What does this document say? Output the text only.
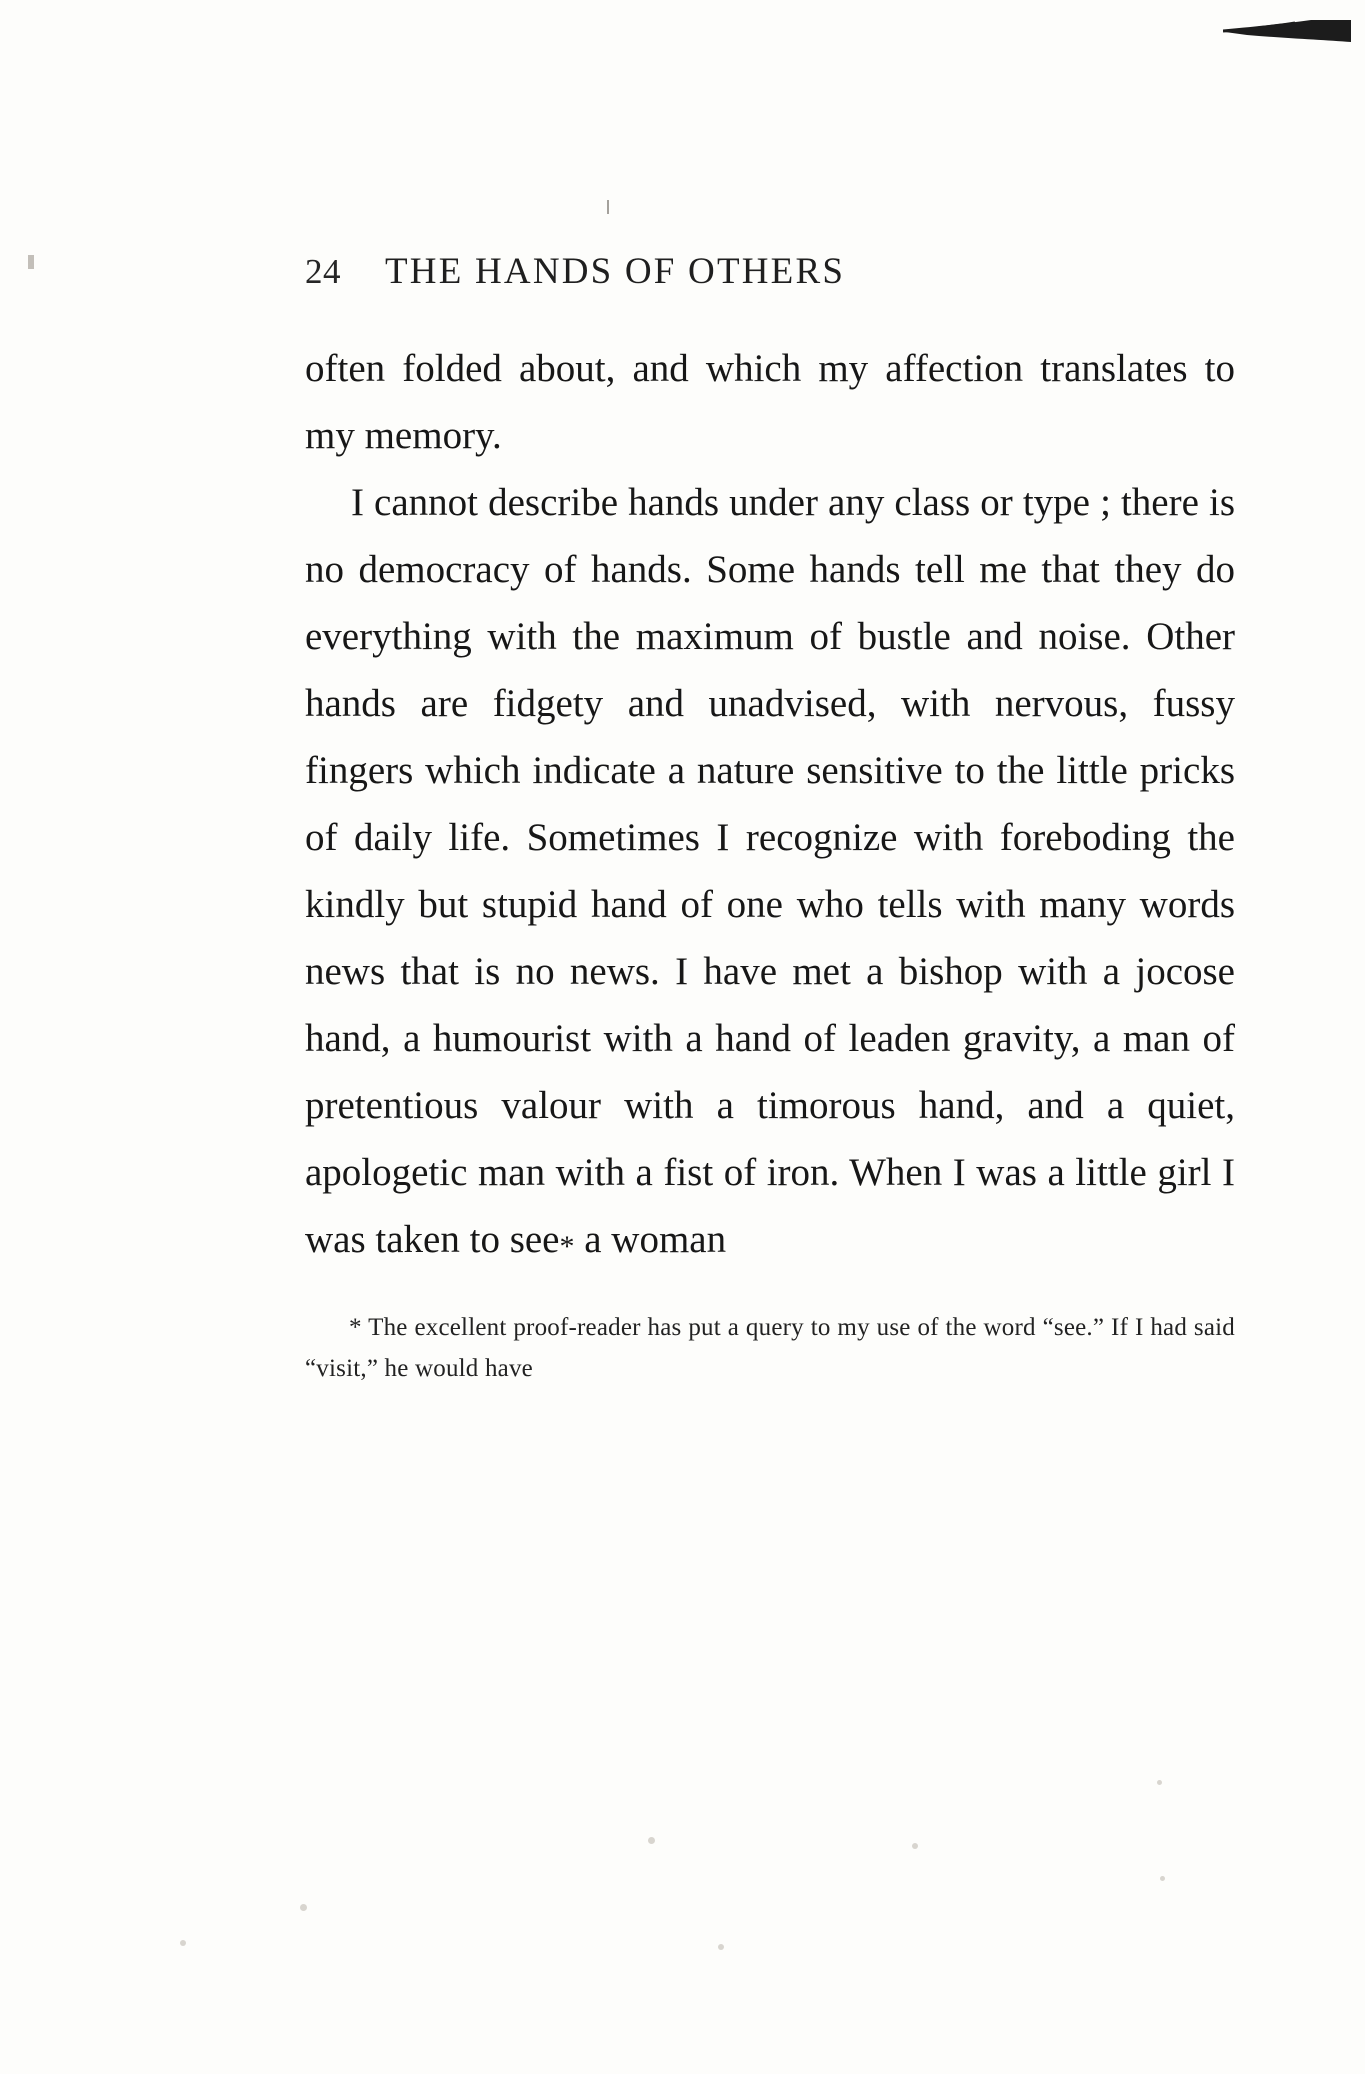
24 THE HANDS OF OTHERS

often folded about, and which my affection translates to my memory.

I cannot describe hands under any class or type ; there is no democracy of hands. Some hands tell me that they do everything with the maximum of bustle and noise. Other hands are fidgety and unadvised, with nervous, fussy fingers which indicate a nature sensitive to the little pricks of daily life. Sometimes I recognize with foreboding the kindly but stupid hand of one who tells with many words news that is no news. I have met a bishop with a jocose hand, a humourist with a hand of leaden gravity, a man of pretentious valour with a timorous hand, and a quiet, apologetic man with a fist of iron. When I was a little girl I was taken to see* a woman

* The excellent proof-reader has put a query to my use of the word “see.” If I had said “visit,” he would have
